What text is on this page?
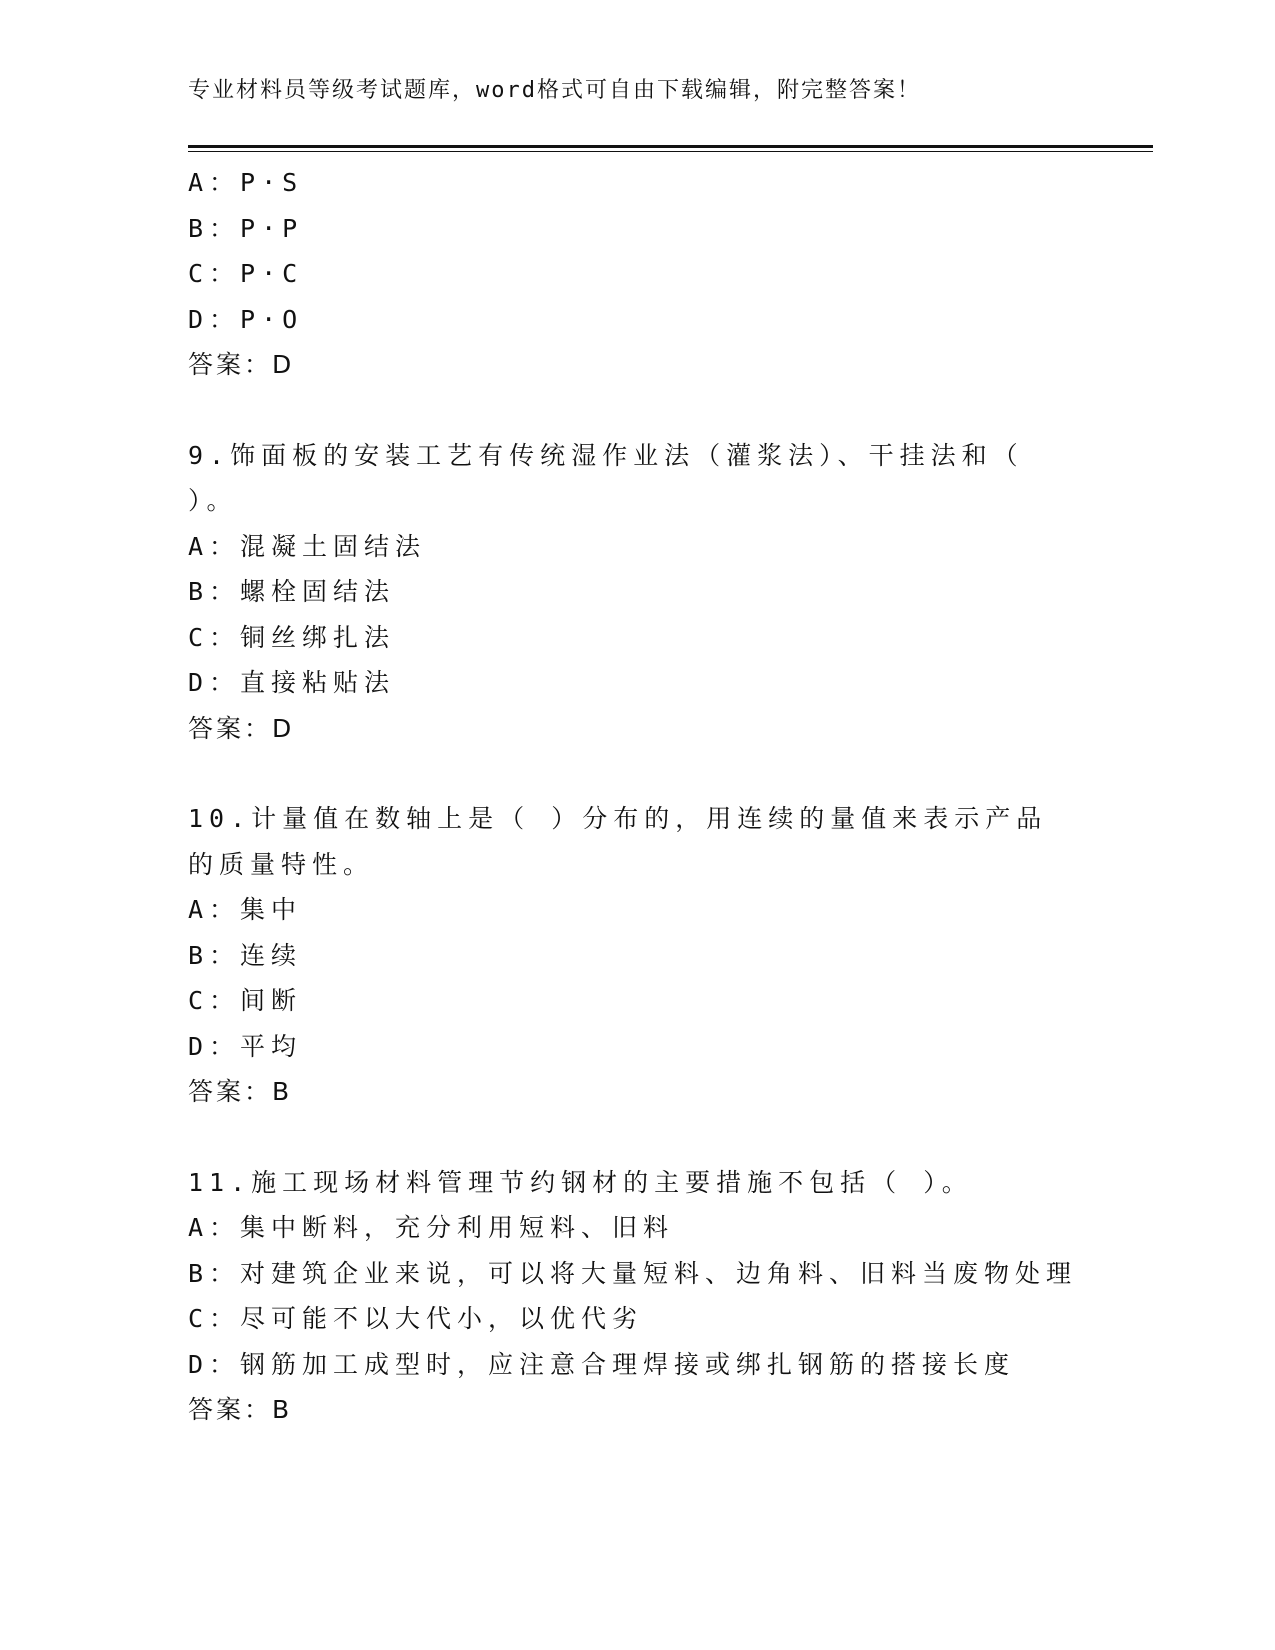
专业材料员等级考试题库，word格式可自由下载编辑，附完整答案！
A：P·S
B：P·P
C：P·C
D：P·O
答案：D
9.饰面板的安装工艺有传统湿作业法（灌浆法）、干挂法和（ ）。
A：混凝土固结法
B：螺栓固结法
C：铜丝绑扎法
D：直接粘贴法
答案：D
10.计量值在数轴上是（ ）分布的，用连续的量值来表示产品的质量特性。
A：集中
B：连续
C：间断
D：平均
答案：B
11.施工现场材料管理节约钢材的主要措施不包括（ ）。
A：集中断料，充分利用短料、旧料
B：对建筑企业来说，可以将大量短料、边角料、旧料当废物处理
C：尽可能不以大代小，以优代劣
D：钢筋加工成型时，应注意合理焊接或绑扎钢筋的搭接长度
答案：B
